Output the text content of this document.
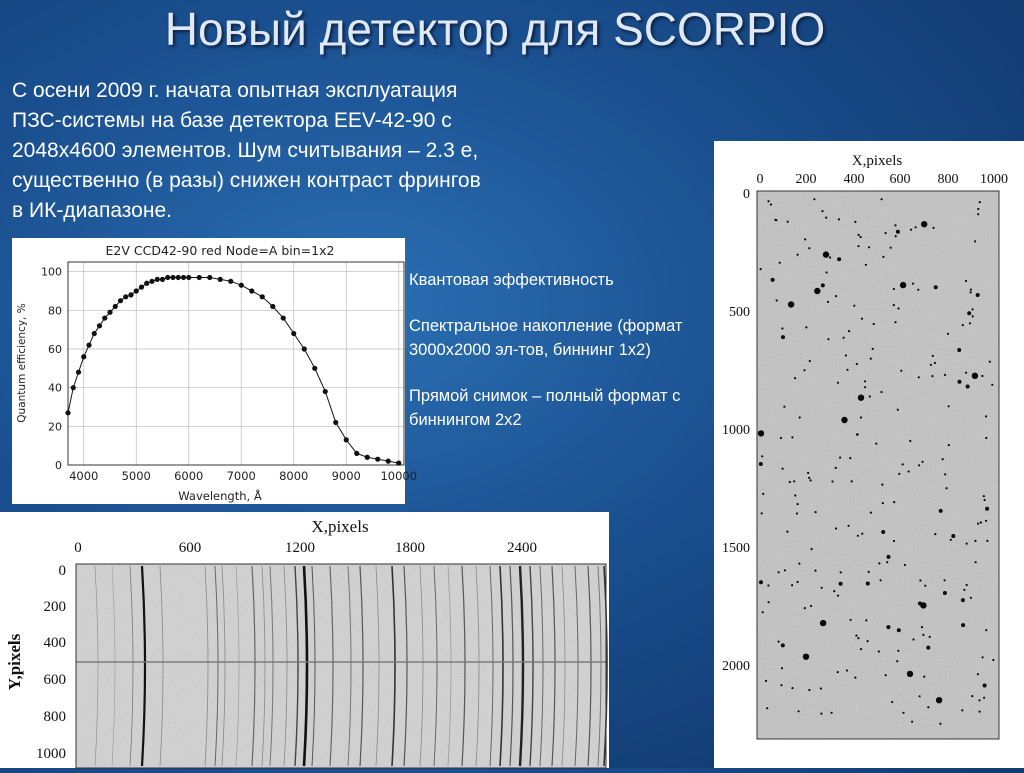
Новый детектор для SCORPIO
С осени 2009 г. начата опытная эксплуатация
ПЗС-системы на базе детектора EEV-42-90 с
2048x4600 элементов. Шум считывания – 2.3 e,
существенно (в разы) снижен контраст фрингов
в ИК-диапазоне.
E2V CCD42-90 red Node=A bin=1x2
4000 5000 6000 7000 8000 9000 10000
0
20
40
60
80
100
Wavelength, Å
Quantum efficiency, %

Квантовая эффективность

Спектральное накопление (формат 3000x2000 эл-тов, биннинг 1x2)

Прямой снимок – полный формат с биннингом 2x2

X,pixels
0	600	1200	1800	2400
Y,pixels
0
200
400
600
800
1000
X,pixels
0 200 400 600 800 1000
0
500
1000
1500
2000
